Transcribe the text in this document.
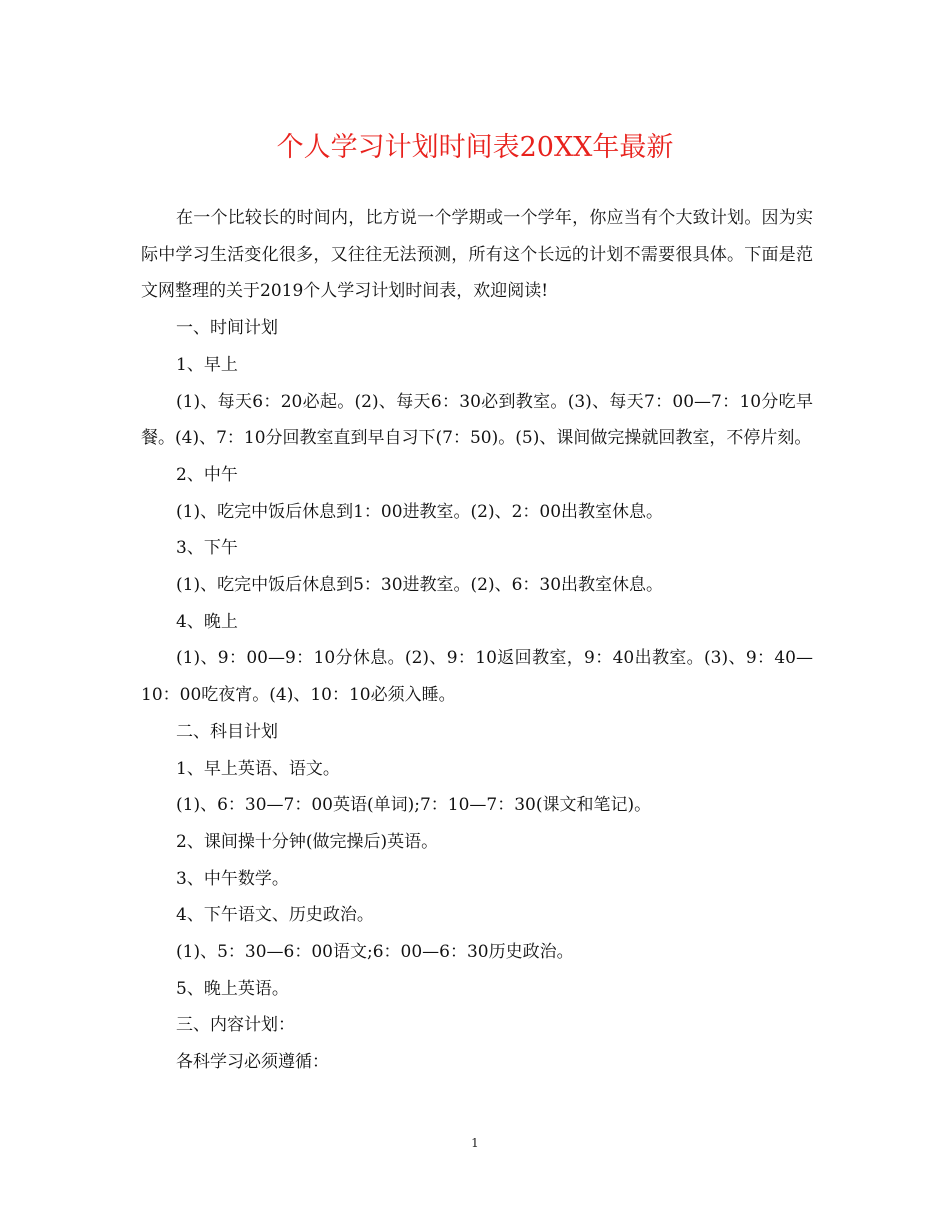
个人学习计划时间表20XX年最新

在一个比较长的时间内，比方说一个学期或一个学年，你应当有个大致计划。因为实际中学习生活变化很多，又往往无法预测，所有这个长远的计划不需要很具体。下面是范文网整理的关于2019个人学习计划时间表，欢迎阅读!

一、时间计划

1、早上

(1)、每天6：20必起。(2)、每天6：30必到教室。(3)、每天7：00—7：10分吃早餐。(4)、7：10分回教室直到早自习下(7：50)。(5)、课间做完操就回教室，不停片刻。

2、中午

(1)、吃完中饭后休息到1：00进教室。(2)、2：00出教室休息。

3、下午

(1)、吃完中饭后休息到5：30进教室。(2)、6：30出教室休息。

4、晚上

(1)、9：00—9：10分休息。(2)、9：10返回教室，9：40出教室。(3)、9：40—10：00吃夜宵。(4)、10：10必须入睡。

二、科目计划

1、早上英语、语文。

(1)、6：30—7：00英语(单词);7：10—7：30(课文和笔记)。

2、课间操十分钟(做完操后)英语。

3、中午数学。

4、下午语文、历史政治。

(1)、5：30—6：00语文;6：00—6：30历史政治。

5、晚上英语。

三、内容计划：

各科学习必须遵循：

1
